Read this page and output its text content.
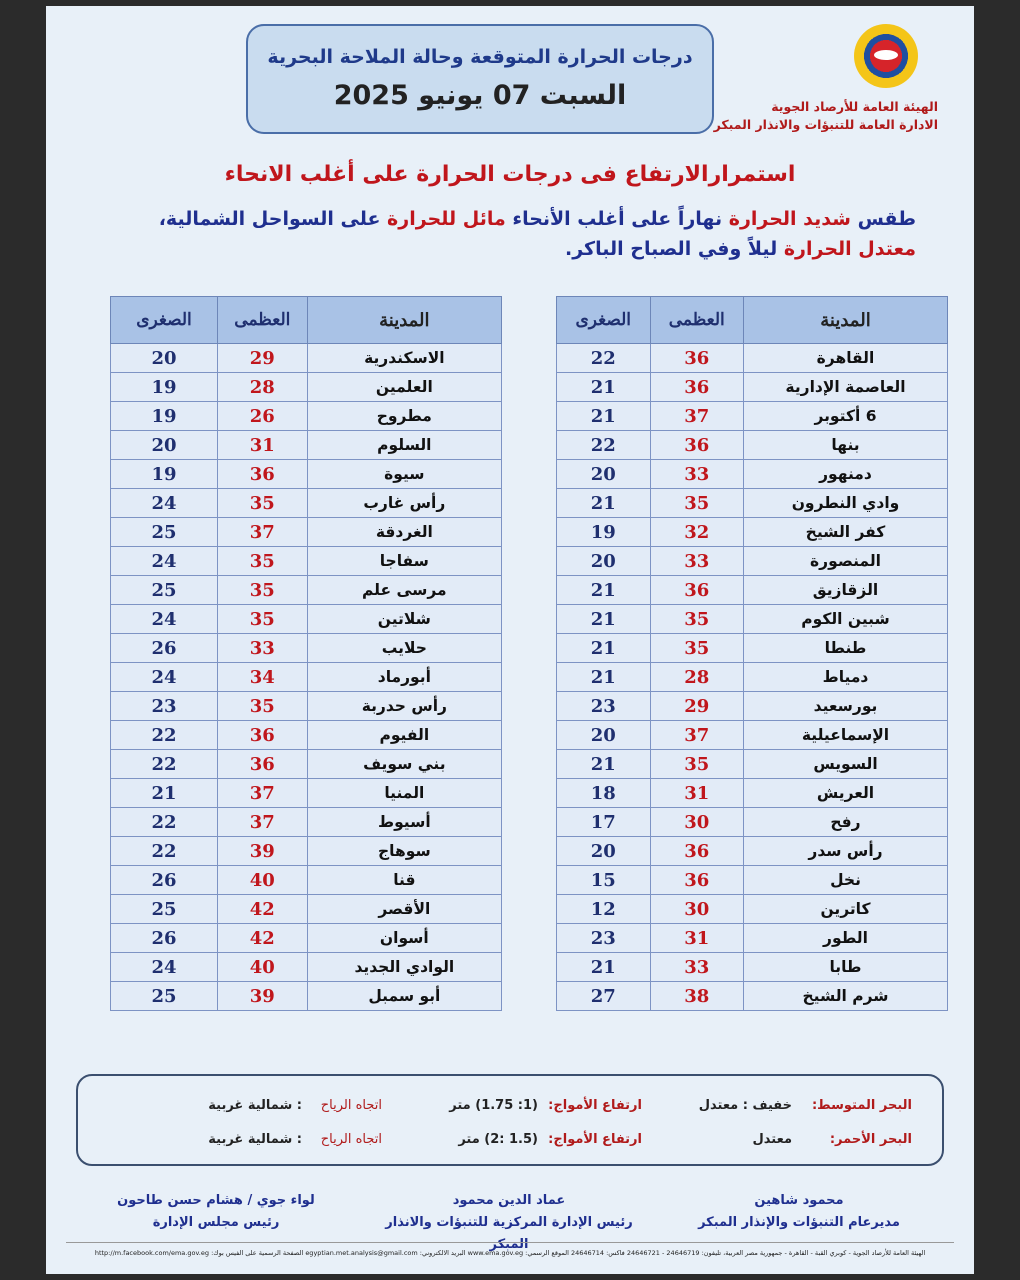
درجات الحرارة المتوقعة وحالة الملاحة البحرية
السبت 07 يونيو 2025	الهيئة العامة للأرصاد الجوية
الادارة العامة للتنبؤات والانذار المبكر
استمرارالارتفاع فى درجات الحرارة على أغلب الانحاء
طقس شديد الحرارة نهاراً على أغلب الأنحاء مائل للحرارة على السواحل الشمالية،
معتدل الحرارة ليلاً وفي الصباح الباكر.
المدينة	العظمى	الصغرى
القاهرة	36	22
العاصمة الإدارية	36	21
6 أكتوبر	37	21
بنها	36	22
دمنهور	33	20
وادي النطرون	35	21
كفر الشيخ	32	19
المنصورة	33	20
الزقازيق	36	21
شبين الكوم	35	21
طنطا	35	21
دمياط	28	21
بورسعيد	29	23
الإسماعيلية	37	20
السويس	35	21
العريش	31	18
رفح	30	17
رأس سدر	36	20
نخل	36	15
كاترين	30	12
الطور	31	23
طابا	33	21
شرم الشيخ	38	27
المدينة	العظمى	الصغرى
الاسكندرية	29	20
العلمين	28	19
مطروح	26	19
السلوم	31	20
سيوة	36	19
رأس غارب	35	24
الغردقة	37	25
سفاجا	35	24
مرسى علم	35	25
شلاتين	35	24
حلايب	33	26
أبورماد	34	24
رأس حدربة	35	23
الفيوم	36	22
بني سويف	36	22
المنيا	37	21
أسيوط	37	22
سوهاج	39	22
قنا	40	26
الأقصر	42	25
أسوان	42	26
الوادي الجديد	40	24
أبو سمبل	39	25
البحر المتوسط:
خفيف : معتدل
ارتفاع الأمواج:
(1: 1.75) متر
اتجاه الرياح
: شمالية غربية
البحر الأحمر:
معتدل
ارتفاع الأمواج:
(1.5 :2) متر
اتجاه الرياح
: شمالية غربية
محمود شاهين
مديرعام التنبؤات والإنذار المبكر
عماد الدين محمود
رئيس الإدارة المركزية للتنبؤات والانذار المبكر
لواء جوي / هشام حسن طاحون
رئيس مجلس الإدارة
الهيئة العامة للأرصاد الجوية - كوبري القبة - القاهرة - جمهورية مصر العربية، تليفون: 24646719 - 24646721 فاكس: 24646714 الموقع الرسمي: www.ema.gov.eg البريد الالكتروني: egyptian.met.analysis@gmail.com الصفحة الرسمية على الفيس بوك: http://m.facebook.com/ema.gov.eg
